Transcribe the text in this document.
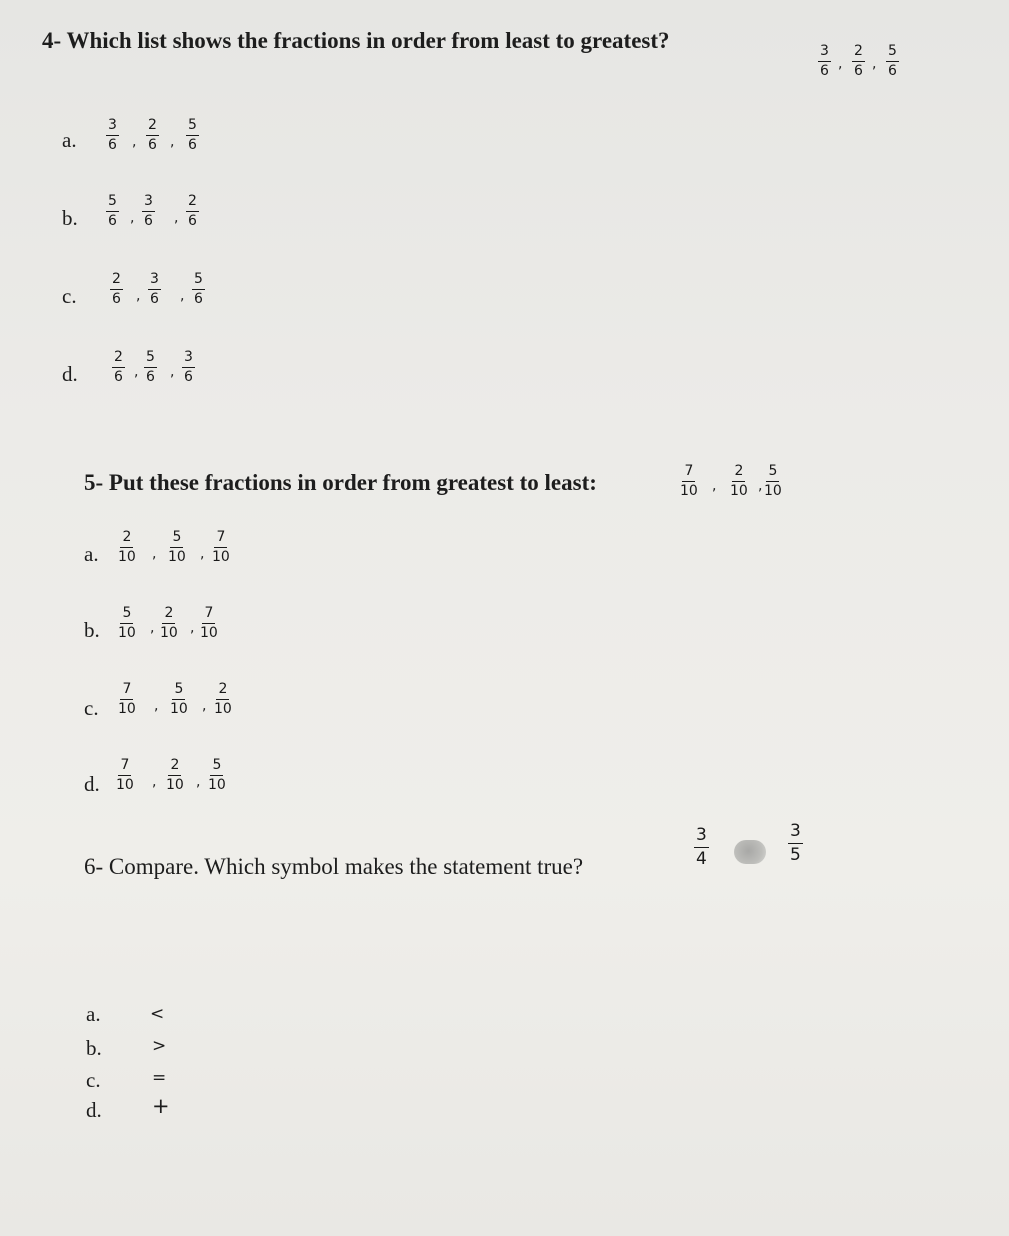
4- Which list shows the fractions in order from least to greatest?
$\frac{3}{6}$ , $\frac{2}{6}$ , $\frac{5}{6}$
a. $\frac{3}{6}$ , $\frac{2}{6}$ , $\frac{5}{6}$
b. $\frac{5}{6}$ , $\frac{3}{6}$ , $\frac{2}{6}$
c. $\frac{2}{6}$ , $\frac{3}{6}$ , $\frac{5}{6}$
d. $\frac{2}{6}$ , $\frac{5}{6}$ , $\frac{3}{6}$
5- Put these fractions in order from greatest to least:	$\frac{7}{10}$ , $\frac{2}{10}$ , $\frac{5}{10}$
a. $\frac{2}{10}$ , $\frac{5}{10}$ , $\frac{7}{10}$
b. $\frac{5}{10}$ , $\frac{2}{10}$ , $\frac{7}{10}$
c. $\frac{7}{10}$ , $\frac{5}{10}$ , $\frac{2}{10}$
d. $\frac{7}{10}$ , $\frac{2}{10}$ , $\frac{5}{10}$
6- Compare. Which symbol makes the statement true?	$\frac{3}{4}$	$\frac{3}{5}$
a.	<
b.	>
c.	=
d. +
